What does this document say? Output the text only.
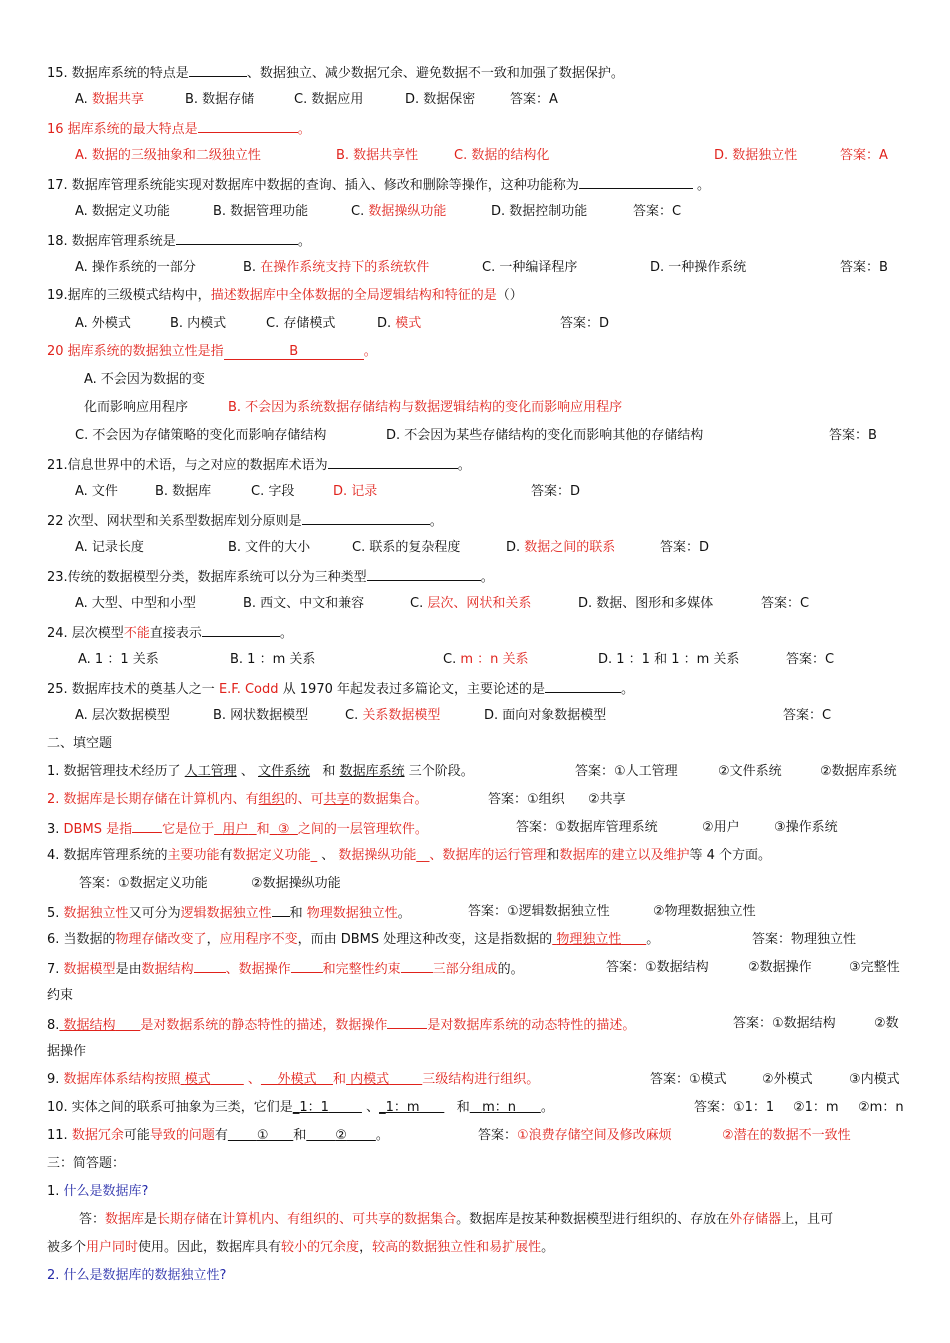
15. 数据库系统的特点是	、数据独立、减少数据冗余、避免数据不一致和加强了数据保护。
A. 数据共享	B. 数据存储	C. 数据应用	D. 数据保密	答案：A
16 据库系统的最大特点是	。
A. 数据的三级抽象和二级独立性	B. 数据共享性	C. 数据的结构化	D. 数据独立性	答案：A
17. 数据库管理系统能实现对数据库中数据的查询、插入、修改和删除等操作，这种功能称为	。
A. 数据定义功能	B. 数据管理功能	C. 数据操纵功能	D. 数据控制功能	答案：C
18. 数据库管理系统是	。
A. 操作系统的一部分	B. 在操作系统支持下的系统软件	C. 一种编译程序	D. 一种操作系统	答案：B
19.据库的三级模式结构中，描述数据库中全体数据的全局逻辑结构和特征的是（）
A. 外模式	B. 内模式	C. 存储模式	D. 模式	答案：D
20 据库系统的数据独立性是指	B	。
A. 不会因为数据的变
化而影响应用程序	B. 不会因为系统数据存储结构与数据逻辑结构的变化而影响应用程序
C. 不会因为存储策略的变化而影响存储结构	D. 不会因为某些存储结构的变化而影响其他的存储结构	答案：B
21.信息世界中的术语，与之对应的数据库术语为	。
A. 文件	B. 数据库	C. 字段	D. 记录	答案：D
22 次型、网状型和关系型数据库划分原则是	。
A. 记录长度	B. 文件的大小	C. 联系的复杂程度	D. 数据之间的联系	答案：D
23.传统的数据模型分类，数据库系统可以分为三种类型	。
A. 大型、中型和小型	B. 西文、中文和兼容	C. 层次、网状和关系	D. 数据、图形和多媒体	答案：C
24. 层次模型不能直接表示	。
A. 1 ：1 关系	B. 1 ：m 关系	C. m ：n 关系	D. 1 ：1 和 1 ：m 关系	答案：C
25. 数据库技术的奠基人之一 E.F. Codd 从 1970 年起发表过多篇论文，主要论述的是	。
A. 层次数据模型	B. 网状数据模型	C. 关系数据模型	D. 面向对象数据模型	答案：C
二、填空题
1. 数据管理技术经历了 人工管理 、 文件系统 和 数据库系统 三个阶段。	答案：①人工管理	②文件系统	②数据库系统
2. 数据库是长期存储在计算机内、有组织的、可共享的数据集合。	答案：①组织 ②共享
3. DBMS 是指 它是位于 用户 和 ③ 之间的一层管理软件。	答案：①数据库管理系统	②用户	③操作系统
4. 数据库管理系统的主要功能有数据定义功能_ 、 数据操纵功能__、数据库的运行管理和数据库的建立以及维护等 4 个方面。
答案：①数据定义功能	②数据操纵功能
5. 数据独立性又可分为逻辑数据独立性 和 物理数据独立性。	答案：①逻辑数据独立性	②物理数据独立性
6. 当数据的物理存储改变了，应用程序不变，而由 DBMS 处理这种改变，这是指数据的 物理独立性 。	答案：物理独立性
7. 数据模型是由数据结构 、数据操作 和完整性约束 三部分组成的。	答案：①数据结构	②数据操作	③完整性
约束
8. 数据结构 是对数据系统的静态特性的描述，数据操作	是对数据库系统的动态特性的描述。	答案：①数据结构	②数
据操作
9. 数据库体系结构按照 模式	、 外模式 和 内模式	三级结构进行组织。	答案：①模式	②外模式	③内模式
10. 实体之间的联系可抽象为三类，它们是_1：1	、_1：m	和 m：n 。	答案：①1：1 ②1：m ②m：n
11. 数据冗余可能导致的问题有 ① 和 ② 。	答案：①浪费存储空间及修改麻烦	②潜在的数据不一致性
三：简答题：
1. 什么是数据库?
答：数据库是长期存储在计算机内、有组织的、可共享的数据集合。数据库是按某种数据模型进行组织的、存放在外存储器上，且可
被多个用户同时使用。因此，数据库具有较小的冗余度，较高的数据独立性和易扩展性。
2. 什么是数据库的数据独立性?
